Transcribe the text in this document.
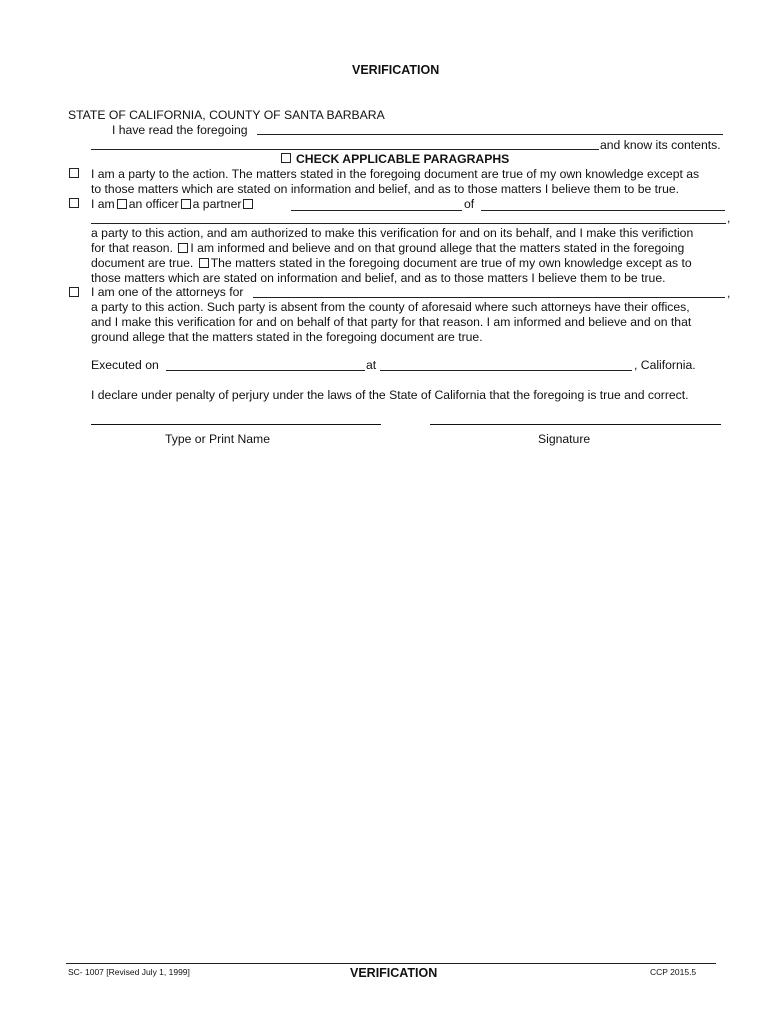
VERIFICATION
STATE OF CALIFORNIA, COUNTY OF SANTA BARBARA
I have read the foregoing
and know its contents.
CHECK APPLICABLE PARAGRAPHS
I am a party to the action. The matters stated in the foregoing document are true of my own knowledge except as
to those matters which are stated on information and belief, and as to those matters I believe them to be true.
I am an officer a partner	of
,
a party to this action, and am authorized to make this verification for and on its behalf, and I make this verifiction
for that reason. I am informed and believe and on that ground allege that the matters stated in the foregoing
document are true. The matters stated in the foregoing document are true of my own knowledge except as to
those matters which are stated on information and belief, and as to those matters I believe them to be true.
I am one of the attorneys for	,
a party to this action. Such party is absent from the county of aforesaid where such attorneys have their offices,
and I make this verification for and on behalf of that party for that reason. I am informed and believe and on that
ground allege that the matters stated in the foregoing document are true.
Executed on	at	, California.
I declare under penalty of perjury under the laws of the State of California that the foregoing is true and correct.
Type or Print Name	Signature
SC- 1007 [Revised July 1, 1999]	VERIFICATION	CCP 2015.5
